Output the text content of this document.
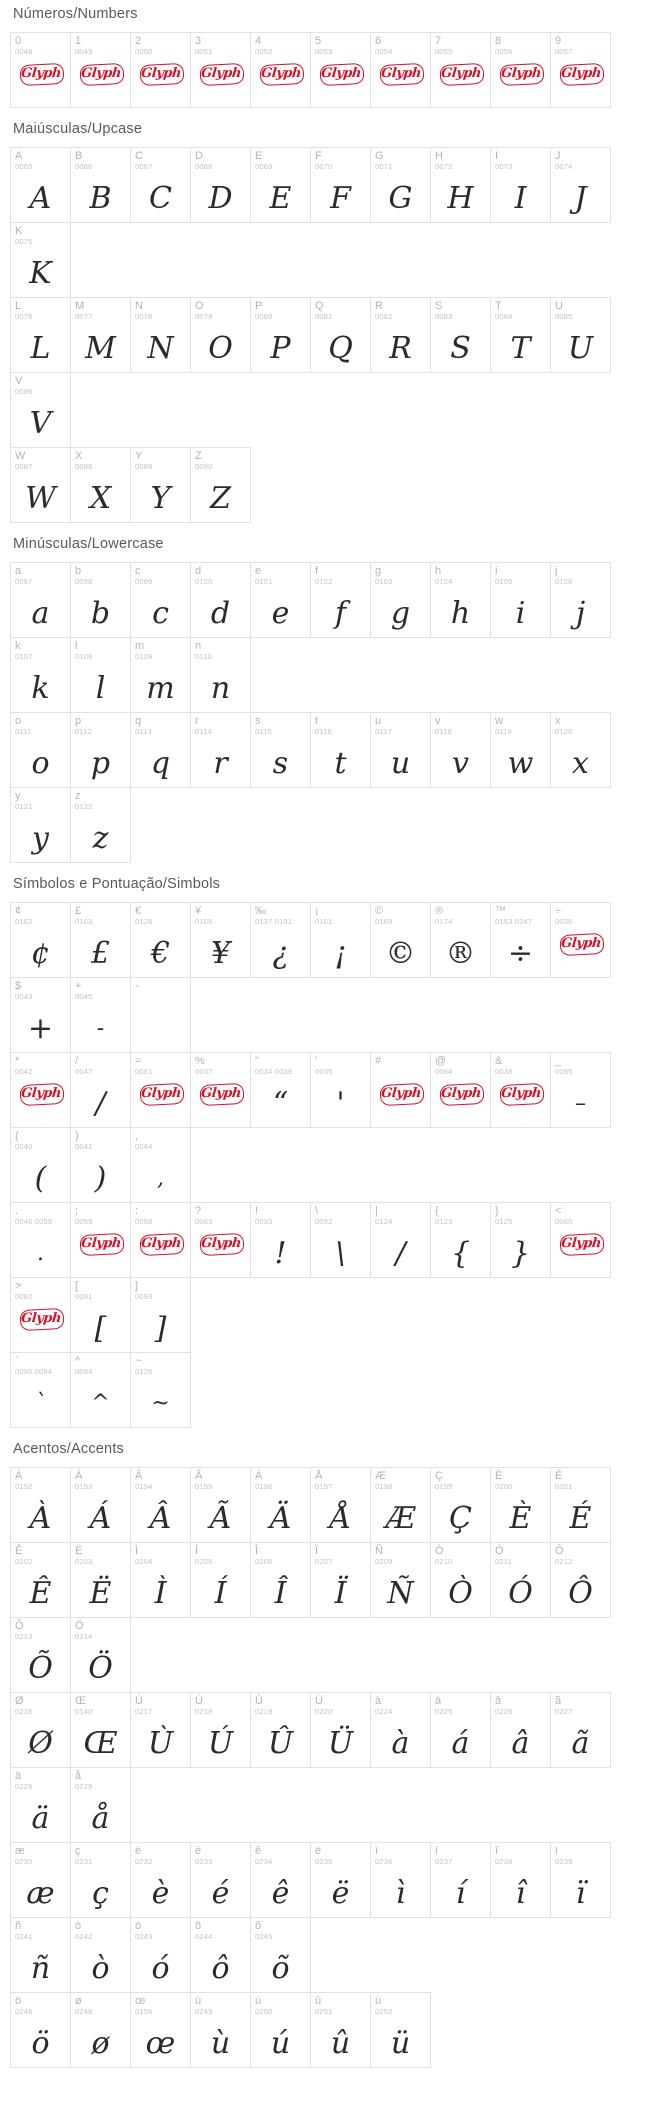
Números/Numbers
0
0048
Glyph
1
0049
Glyph
2
0050
Glyph
3
0051
Glyph
4
0052
Glyph
5
0053
Glyph
6
0054
Glyph
7
0055
Glyph
8
0056
Glyph
9
0057
Glyph
Maiúsculas/Upcase
A
0065
A
B
0066
B
C
0067
C
D
0068
D
E
0069
E
F
0070
F
G
0071
G
H
0072
H
I
0073
I
J
0074
J
K
0075
K
L
0076
L
M
0077
M
N
0078
N
O
0079
O
P
0080
P
Q
0081
Q
R
0082
R
S
0083
S
T
0084
T
U
0085
U
V
0086
V
W
0087
W
X
0088
X
Y
0089
Y
Z
0090
Z
Minúsculas/Lowercase
a
0097
a
b
0098
b
c
0099
c
d
0100
d
e
0101
e
f
0102
f
g
0103
g
h
0104
h
i
0105
i
j
0106
j
k
0107
k
l
0108
l
m
0109
m
n
0110
n
o
0111
o
p
0112
p
q
0113
q
r
0114
r
s
0115
s
t
0116
t
u
0117
u
v
0118
v
w
0119
w
x
0120
x
y
0121
y
z
0122
z
Símbolos e Pontuação/Simbols
¢
0162
¢
£
0163
£
€
0128
€
¥
0165
¥
‰
0137 0191
¿
¡
0161
¡
©
0169
©
®
0174
®
™
0153 0247
÷
÷
0036
Glyph
$
0043
+
+
0045
-
-
*
0042
Glyph
/
0047
/
=
0061
Glyph
%
0037
Glyph
"
0034 0039
“
'
0035
'
#
Glyph
@
0064
Glyph
&
0038
Glyph
_
0095
–
(
0040
(
)
0041
)
,
0044
,
.
0046 0059
.
;
0059
Glyph
:
0058
Glyph
?
0063
Glyph
!
0033
!
\
0092
\
|
0124
/
{
0123
{
}
0125
}
<
0060
Glyph
>
0062
Glyph
[
0091
[
]
0093
]
`
0096 0094
`
^
0094
^
~
0126
~
Acentos/Accents
À
0192
À
Á
0193
Á
Â
0194
Â
Ã
0195
Ã
Ä
0196
Ä
Å
0197
Å
Æ
0198
Æ
Ç
0199
Ç
È
0200
È
É
0201
É
Ê
0202
Ê
Ë
0203
Ë
Ì
0204
Ì
Í
0205
Í
Î
0206
Î
Ï
0207
Ï
Ñ
0209
Ñ
Ò
0210
Ò
Ó
0211
Ó
Ô
0212
Ô
Õ
0213
Õ
Ö
0214
Ö
Ø
0216
Ø
Œ
0140
Œ
Ù
0217
Ù
Ú
0218
Ú
Û
0219
Û
Ü
0220
Ü
à
0224
à
á
0225
á
â
0226
â
ã
0227
ã
ä
0228
ä
å
0229
å
æ
0230
æ
ç
0231
ç
è
0232
è
é
0233
é
ê
0234
ê
ë
0235
ë
ì
0236
ì
í
0237
í
î
0238
î
ï
0239
ï
ñ
0241
ñ
ò
0242
ò
ó
0243
ó
ô
0244
ô
õ
0245
õ
ö
0246
ö
ø
0248
ø
œ
0156
œ
ù
0249
ù
ú
0250
ú
û
0251
û
ü
0252
ü
